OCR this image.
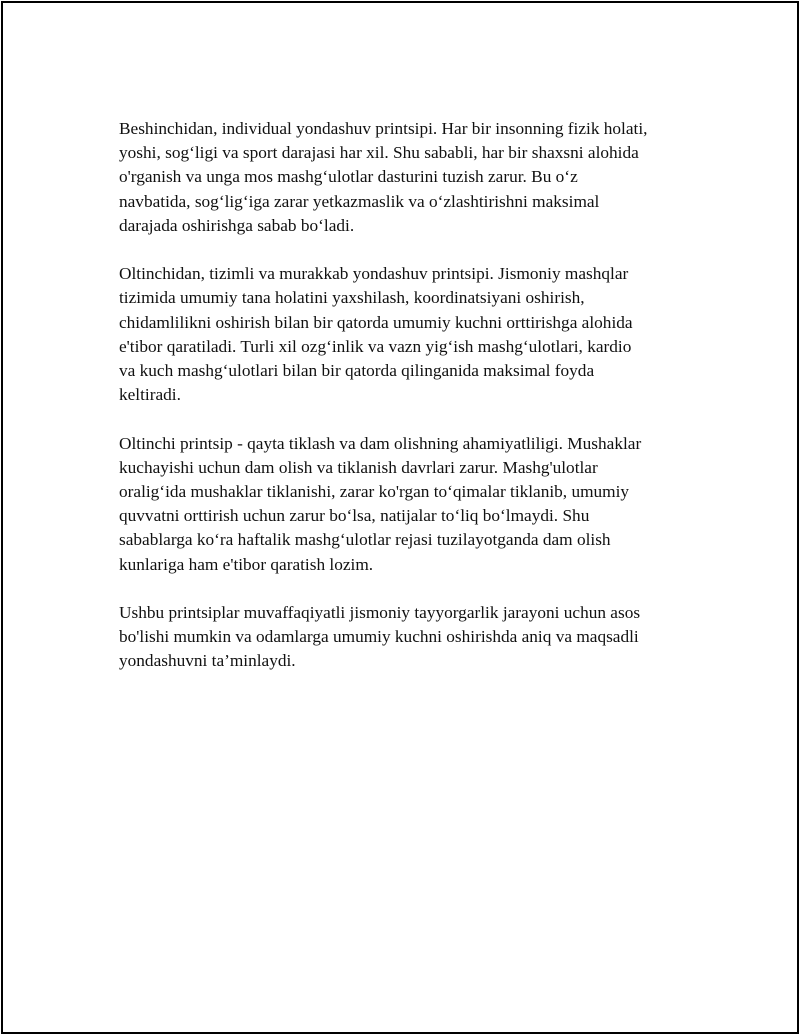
Beshinchidan, individual yondashuv printsipi. Har bir insonning fizik holati,
yoshi, sog‘ligi va sport darajasi har xil. Shu sababli, har bir shaxsni alohida
o'rganish va unga mos mashg‘ulotlar dasturini tuzish zarur. Bu o‘z
navbatida, sog‘lig‘iga zarar yetkazmaslik va o‘zlashtirishni maksimal
darajada oshirishga sabab bo‘ladi.

Oltinchidan, tizimli va murakkab yondashuv printsipi. Jismoniy mashqlar
tizimida umumiy tana holatini yaxshilash, koordinatsiyani oshirish,
chidamlilikni oshirish bilan bir qatorda umumiy kuchni orttirishga alohida
e'tibor qaratiladi. Turli xil ozg‘inlik va vazn yig‘ish mashg‘ulotlari, kardio
va kuch mashg‘ulotlari bilan bir qatorda qilinganida maksimal foyda
keltiradi.

Oltinchi printsip - qayta tiklash va dam olishning ahamiyatliligi. Mushaklar
kuchayishi uchun dam olish va tiklanish davrlari zarur. Mashg'ulotlar
oralig‘ida mushaklar tiklanishi, zarar ko'rgan to‘qimalar tiklanib, umumiy
quvvatni orttirish uchun zarur bo‘lsa, natijalar to‘liq bo‘lmaydi. Shu
sabablarga ko‘ra haftalik mashg‘ulotlar rejasi tuzilayotganda dam olish
kunlariga ham e'tibor qaratish lozim.

Ushbu printsiplar muvaffaqiyatli jismoniy tayyorgarlik jarayoni uchun asos
bo'lishi mumkin va odamlarga umumiy kuchni oshirishda aniq va maqsadli
yondashuvni ta’minlaydi.
